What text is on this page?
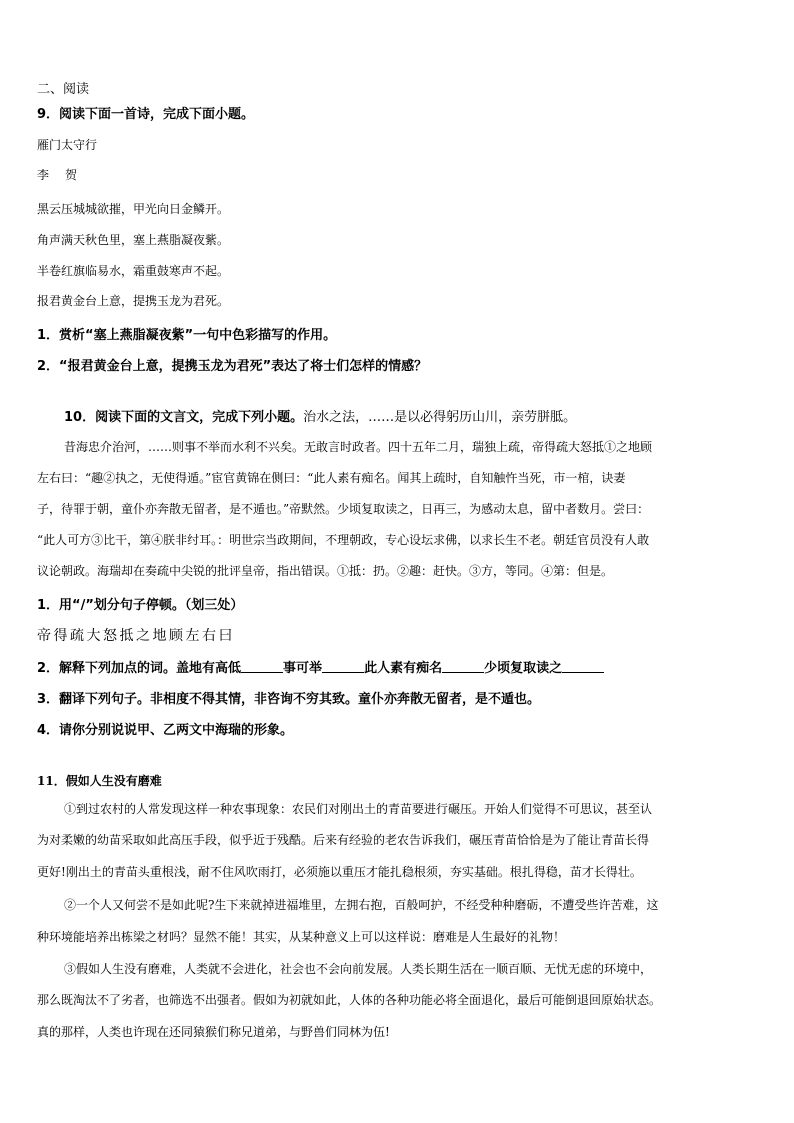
二、阅读

9．阅读下面一首诗，完成下面小题。

雁门太守行

李 贺

黑云压城城欲摧，甲光向日金鳞开。

角声满天秋色里，塞上燕脂凝夜紫。

半卷红旗临易水，霜重鼓寒声不起。

报君黄金台上意，提携玉龙为君死。

1．赏析“塞上燕脂凝夜紫”一句中色彩描写的作用。

2．“报君黄金台上意，提携玉龙为君死”表达了将士们怎样的情感？

10．阅读下面的文言文，完成下列小题。治水之法，……是以必得躬历山川，亲劳胼胝。

昔海忠介治河，……则事不举而水利不兴矣。无敢言时政者。四十五年二月，瑞独上疏，帝得疏大怒抵①之地顾

左右曰：“趣②执之，无使得遁。”宦官黄锦在侧曰：“此人素有痴名。闻其上疏时，自知触忤当死，市一棺，诀妻

子，待罪于朝，童仆亦奔散无留者，是不遁也。”帝默然。少顷复取读之，日再三，为感动太息，留中者数月。尝曰：

“此人可方③比干，第④朕非纣耳。：明世宗当政期间，不理朝政，专心设坛求佛，以求长生不老。朝廷官员没有人敢

议论朝政。海瑞却在奏疏中尖锐的批评皇帝，指出错误。①抵：扔。②趣：赶快。③方，等同。④第：但是。

1．用“/”划分句子停顿。（划三处）

帝得疏大怒抵之地顾左右曰

2．解释下列加点的词。盖地有高低	事可举	此人素有痴名	少顷复取读之

3．翻译下列句子。非相度不得其情，非咨询不穷其致。童仆亦奔散无留者，是不遁也。

4．请你分别说说甲、乙两文中海瑞的形象。

11．假如人生没有磨难

①到过农村的人常发现这样一种农事现象：农民们对刚出土的青苗要进行碾压。开始人们觉得不可思议，甚至认

为对柔嫩的幼苗采取如此高压手段，似乎近于残酷。后来有经验的老农告诉我们，碾压青苗恰恰是为了能让青苗长得

更好!刚出土的青苗头重根浅，耐不住风吹雨打，必须施以重压才能扎稳根须，夯实基础。根扎得稳，苗才长得壮。

②一个人又何尝不是如此呢?生下来就掉进福堆里，左拥右抱，百般呵护，不经受种种磨砺，不遭受些许苦难，这

种环境能培养出栋梁之材吗？显然不能！其实，从某种意义上可以这样说：磨难是人生最好的礼物！

③假如人生没有磨难，人类就不会进化，社会也不会向前发展。人类长期生活在一顺百顺、无忧无虑的环境中，

那么既淘汰不了劣者，也筛选不出强者。假如为初就如此，人体的各种功能必将全面退化，最后可能倒退回原始状态。

真的那样，人类也许现在还同猿猴们称兄道弟，与野兽们同林为伍!
